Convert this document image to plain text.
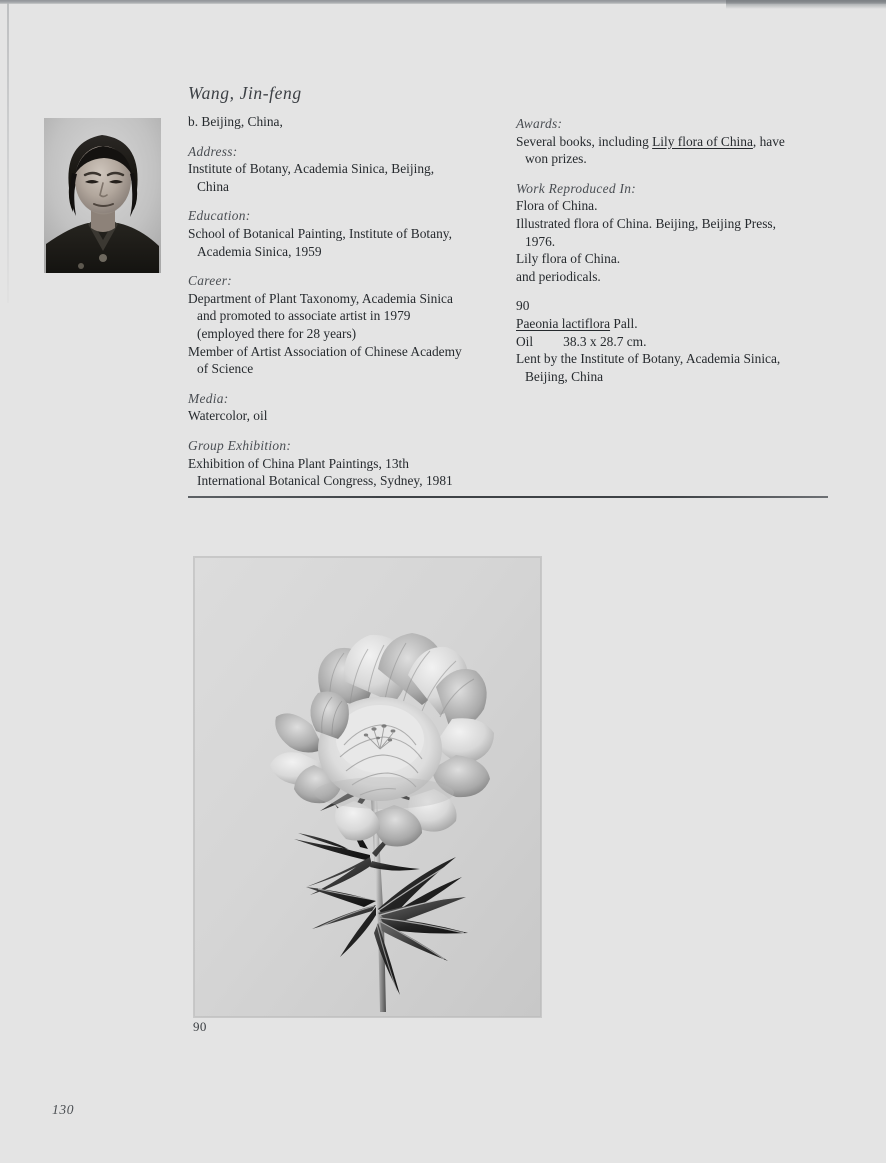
Wang, Jin-feng
b. Beijing, China,
Address:
Institute of Botany, Academia Sinica, Beijing,
China
Education:
School of Botanical Painting, Institute of Botany,
Academia Sinica, 1959
Career:
Department of Plant Taxonomy, Academia Sinica
and promoted to associate artist in 1979
(employed there for 28 years)
Member of Artist Association of Chinese Academy
of Science
Media:
Watercolor, oil
Group Exhibition:
Exhibition of China Plant Paintings, 13th
International Botanical Congress, Sydney, 1981
Awards:
Several books, including Lily flora of China, have
won prizes.
Work Reproduced In:
Flora of China.
Illustrated flora of China. Beijing, Beijing Press,
1976.
Lily flora of China.
and periodicals.
90
Paeonia lactiflora Pall.
Oil 38.3 x 28.7 cm.
Lent by the Institute of Botany, Academia Sinica,
Beijing, China
90
130
